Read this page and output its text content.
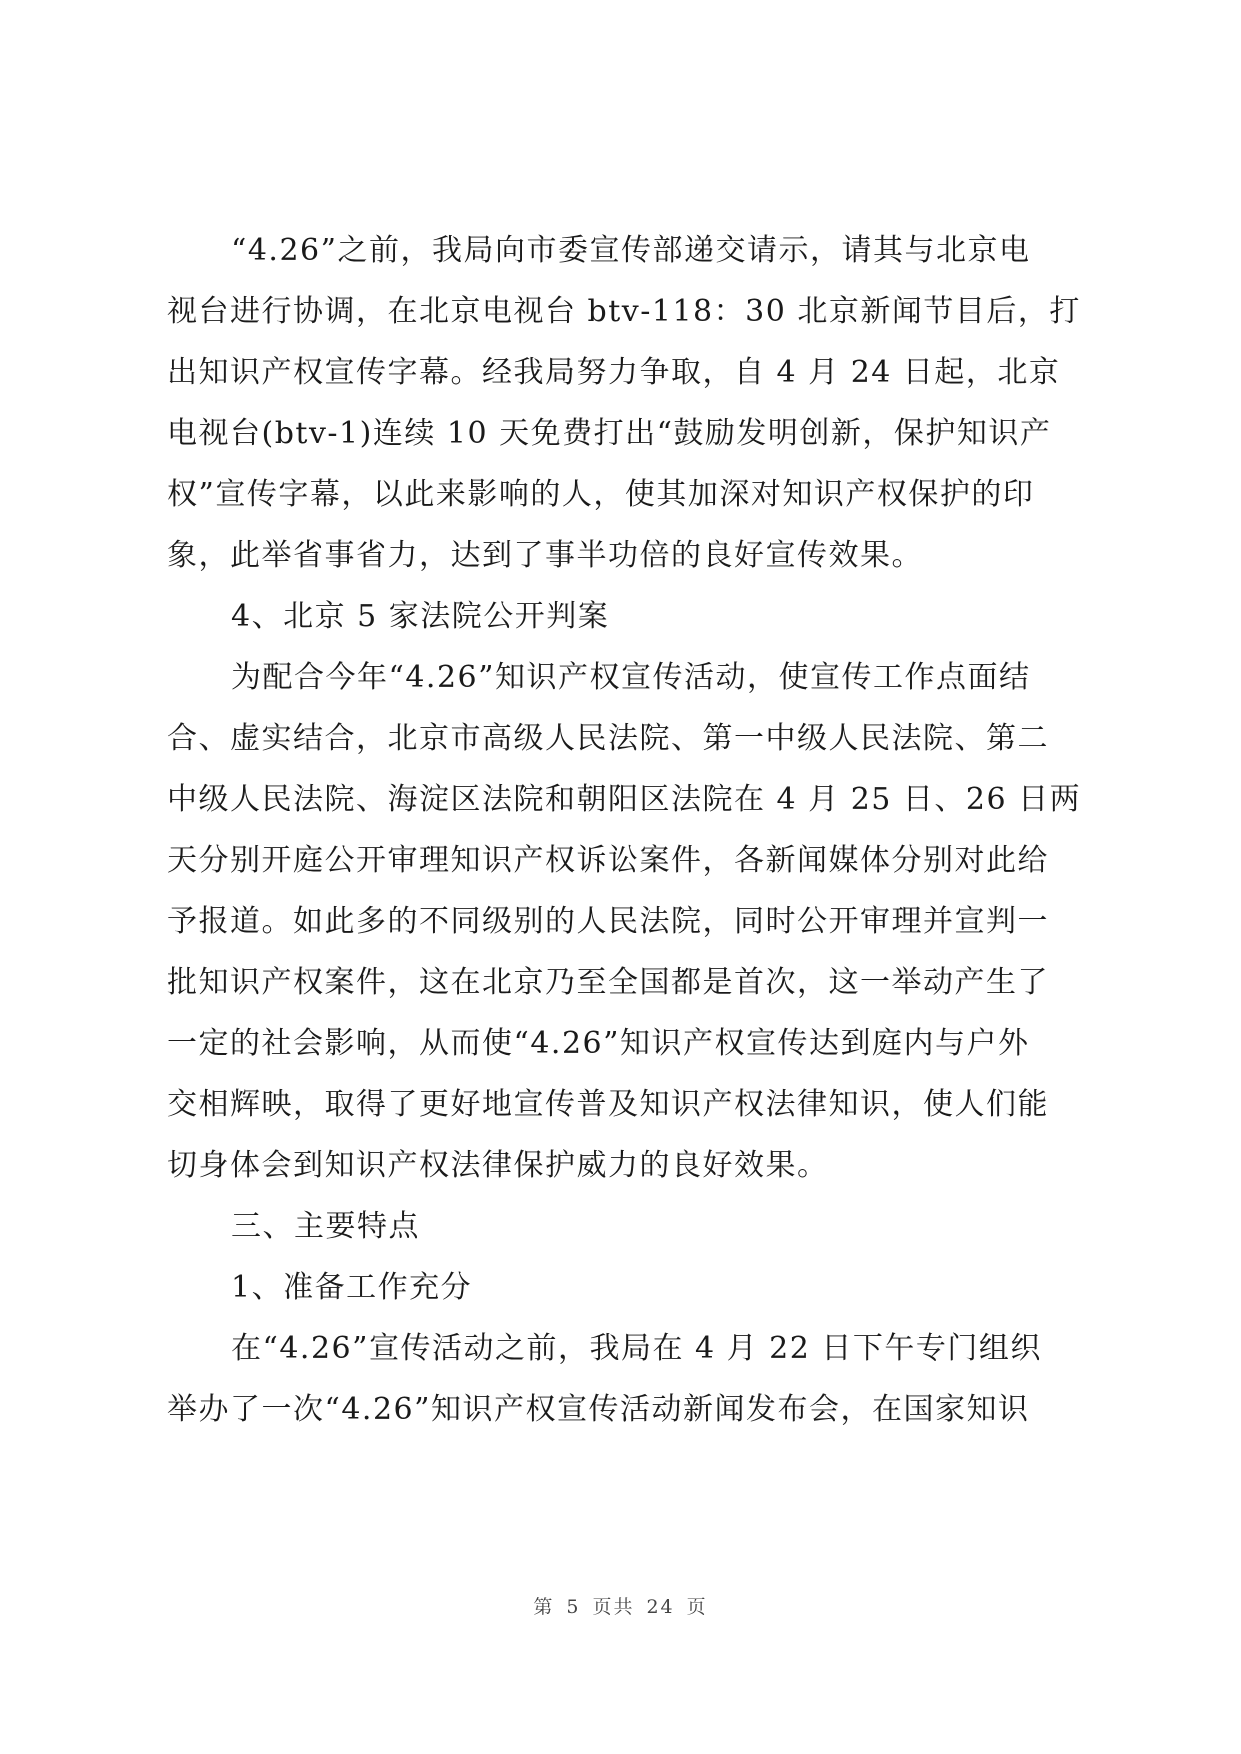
“4.26”之前，我局向市委宣传部递交请示，请其与北京电
视台进行协调，在北京电视台 btv-118：30 北京新闻节目后，打
出知识产权宣传字幕。经我局努力争取，自 4 月 24 日起，北京
电视台(btv-1)连续 10 天免费打出“鼓励发明创新，保护知识产
权”宣传字幕，以此来影响的人，使其加深对知识产权保护的印
象，此举省事省力，达到了事半功倍的良好宣传效果。
4、北京 5 家法院公开判案
为配合今年“4.26”知识产权宣传活动，使宣传工作点面结
合、虚实结合，北京市高级人民法院、第一中级人民法院、第二
中级人民法院、海淀区法院和朝阳区法院在 4 月 25 日、26 日两
天分别开庭公开审理知识产权诉讼案件，各新闻媒体分别对此给
予报道。如此多的不同级别的人民法院，同时公开审理并宣判一
批知识产权案件，这在北京乃至全国都是首次，这一举动产生了
一定的社会影响，从而使“4.26”知识产权宣传达到庭内与户外
交相辉映，取得了更好地宣传普及知识产权法律知识，使人们能
切身体会到知识产权法律保护威力的良好效果。
三、主要特点
1、准备工作充分
在“4.26”宣传活动之前，我局在 4 月 22 日下午专门组织
举办了一次“4.26”知识产权宣传活动新闻发布会，在国家知识
第 5 页共 24 页
